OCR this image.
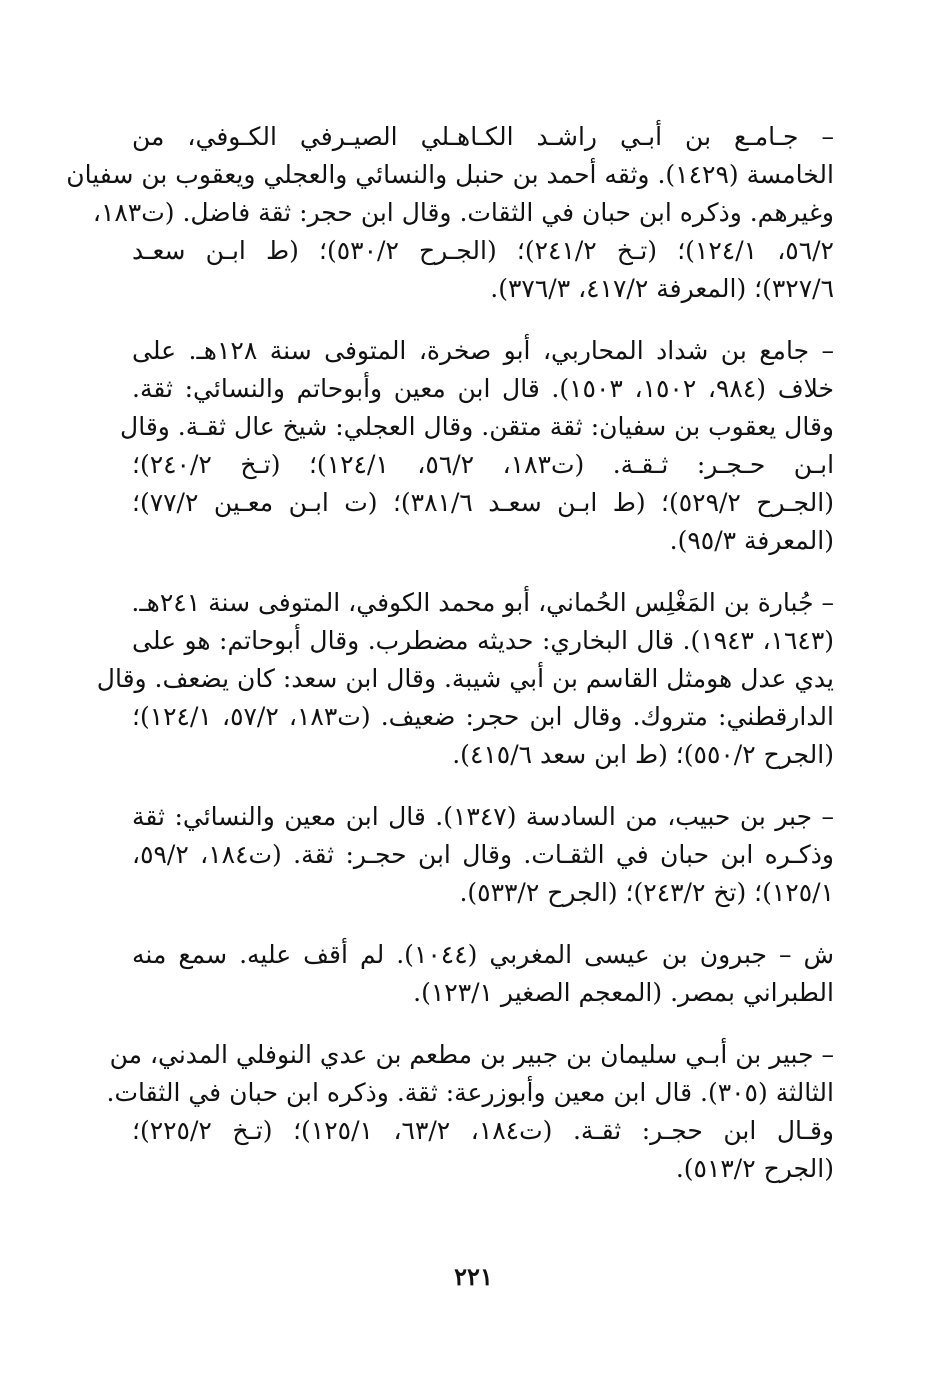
– جـامـع بن أبـي راشـد الكـاهـلي الصيـرفي الكـوفي، من
الخامسة (١٤٢٩). وثقه أحمد بن حنبل والنسائي والعجلي ويعقوب بن سفيان
وغيرهم. وذكره ابن حبان في الثقات. وقال ابن حجر: ثقة فاضل. (ت١٨٣،
٥٦/٢، ١٢٤/١)؛ (تـخ ٢٤١/٢)؛ (الجـرح ٥٣٠/٢)؛ (ط ابـن سعـد
٣٢٧/٦)؛ (المعرفة ٤١٧/٢، ٣٧٦/٣).
– جامع بن شداد المحاربي، أبو صخرة، المتوفى سنة ١٢٨هـ. على
خلاف (٩٨٤، ١٥٠٢، ١٥٠٣). قال ابن معين وأبوحاتم والنسائي: ثقة.
وقال يعقوب بن سفيان: ثقة متقن. وقال العجلي: شيخ عال ثقـة. وقال
ابـن حـجـر: ثـقـة. (ت١٨٣، ٥٦/٢، ١٢٤/١)؛ (تـخ ٢٤٠/٢)؛
(الجـرح ٥٢٩/٢)؛ (ط ابـن سعـد ٣٨١/٦)؛ (ت ابـن معـين ٧٧/٢)؛
(المعرفة ٩٥/٣).
– جُبارة بن المَغْلِس الحُماني، أبو محمد الكوفي، المتوفى سنة ٢٤١هـ.
(١٦٤٣، ١٩٤٣). قال البخاري: حديثه مضطرب. وقال أبوحاتم: هو على
يدي عدل هومثل القاسم بن أبي شيبة. وقال ابن سعد: كان يضعف. وقال
الدارقطني: متروك. وقال ابن حجر: ضعيف. (ت١٨٣، ٥٧/٢، ١٢٤/١)؛
(الجرح ٥٥٠/٢)؛ (ط ابن سعد ٤١٥/٦).
– جبر بن حبيب، من السادسة (١٣٤٧). قال ابن معين والنسائي: ثقة
وذكـره ابن حبان في الثقـات. وقال ابن حجـر: ثقة. (ت١٨٤، ٥٩/٢،
١٢٥/١)؛ (تخ ٢٤٣/٢)؛ (الجرح ٥٣٣/٢).
ش – جبرون بن عيسى المغربي (١٠٤٤). لم أقف عليه. سمع منه
الطبراني بمصر. (المعجم الصغير ١٢٣/١).
– جبير بن أبـي سليمان بن جبير بن مطعم بن عدي النوفلي المدني، من
الثالثة (٣٠٥). قال ابن معين وأبوزرعة: ثقة. وذكره ابن حبان في الثقات.
وقـال ابن حجـر: ثقـة. (ت١٨٤، ٦٣/٢، ١٢٥/١)؛ (تـخ ٢٢٥/٢)؛
(الجرح ٥١٣/٢).
٢٢١
